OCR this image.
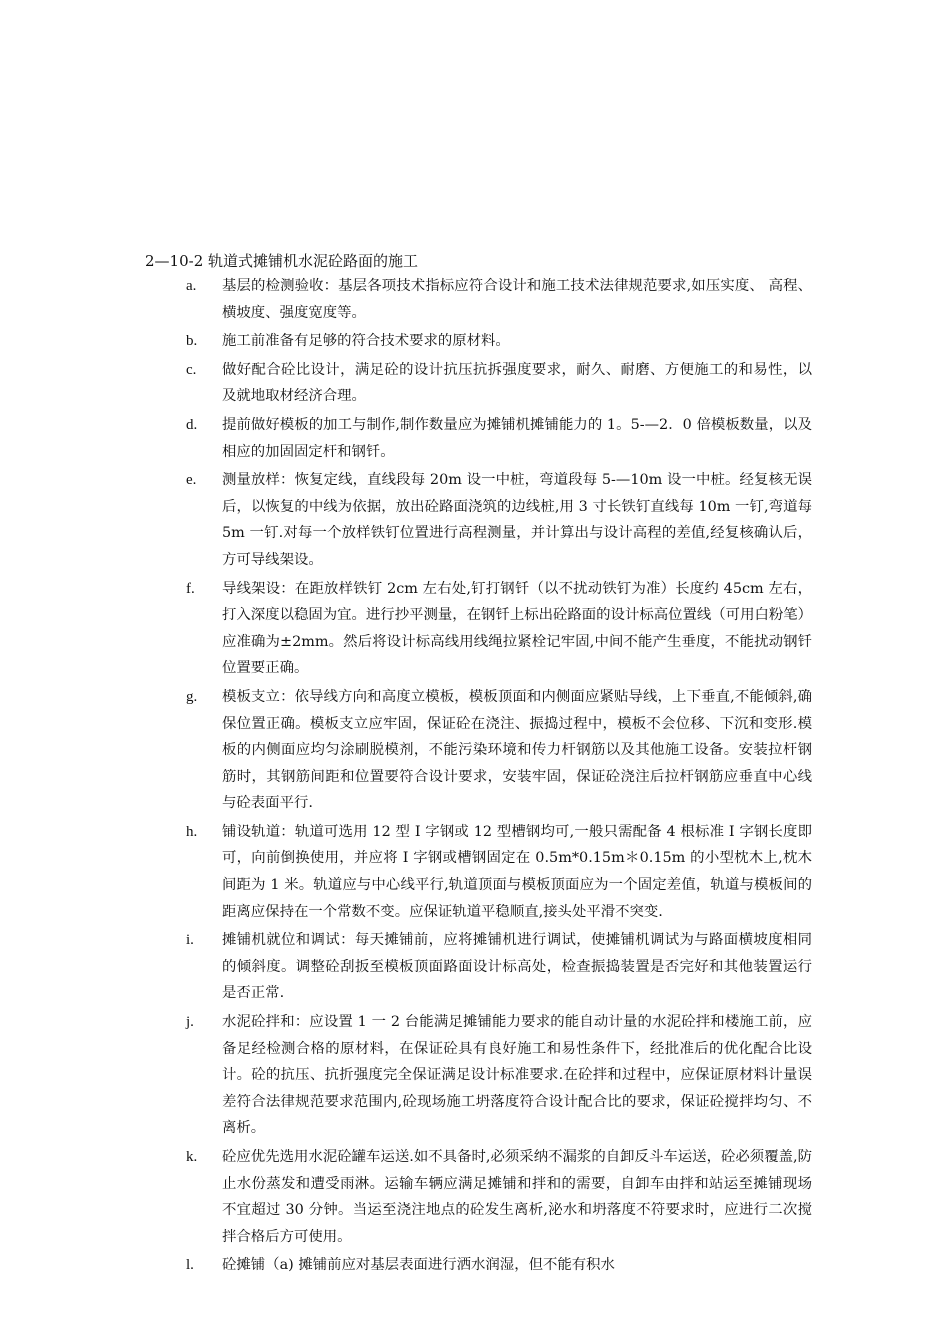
2—10-2 轨道式摊铺机水泥砼路面的施工
a. 基层的检测验收：基层各项技术指标应符合设计和施工技术法律规范要求,如压实度、 高程、横坡度、强度宽度等。
b. 施工前准备有足够的符合技术要求的原材料。
c. 做好配合砼比设计，满足砼的设计抗压抗拆强度要求，耐久、耐磨、方便施工的和易性，以及就地取材经济合理。
d. 提前做好模板的加工与制作,制作数量应为摊铺机摊铺能力的 1。5-—2．0 倍模板数量，以及相应的加固固定杆和钢钎。
e. 测量放样：恢复定线，直线段每 20m 设一中桩，弯道段每 5-—10m 设一中桩。经复核无误后，以恢复的中线为依据，放出砼路面浇筑的边线桩,用 3 寸长铁钉直线每 10m 一钉,弯道每 5m 一钉.对每一个放样铁钉位置进行高程测量，并计算出与设计高程的差值,经复核确认后，方可导线架设。
f. 导线架设：在距放样铁钉 2cm 左右处,钉打钢钎（以不扰动铁钉为准）长度约 45cm 左右，打入深度以稳固为宜。进行抄平测量，在钢钎上标出砼路面的设计标高位置线（可用白粉笔）应准确为±2mm。然后将设计标高线用线绳拉紧栓记牢固,中间不能产生垂度，不能扰动钢钎位置要正确。
g. 模板支立：依导线方向和高度立模板，模板顶面和内侧面应紧贴导线，上下垂直,不能倾斜,确保位置正确。模板支立应牢固，保证砼在浇注、振捣过程中，模板不会位移、下沉和变形.模板的内侧面应均匀涂刷脱模剂，不能污染环境和传力杆钢筋以及其他施工设备。安装拉杆钢筋时，其钢筋间距和位置要符合设计要求，安装牢固，保证砼浇注后拉杆钢筋应垂直中心线与砼表面平行.
h. 铺设轨道：轨道可选用 12 型 I 字钢或 12 型槽钢均可,一般只需配备 4 根标准 I 字钢长度即可，向前倒换使用，并应将 I 字钢或槽钢固定在 0.5m*0.15m＊0.15m 的小型枕木上,枕木间距为 1 米。轨道应与中心线平行,轨道顶面与模板顶面应为一个固定差值，轨道与模板间的距离应保持在一个常数不变。应保证轨道平稳顺直,接头处平滑不突变.
i. 摊铺机就位和调试：每天摊铺前，应将摊铺机进行调试，使摊铺机调试为与路面横坡度相同的倾斜度。调整砼刮扳至模板顶面路面设计标高处，检查振捣装置是否完好和其他装置运行是否正常.
j. 水泥砼拌和：应设置 1 一 2 台能满足摊铺能力要求的能自动计量的水泥砼拌和楼施工前，应备足经检测合格的原材料，在保证砼具有良好施工和易性条件下，经批准后的优化配合比设计。砼的抗压、抗折强度完全保证满足设计标准要求.在砼拌和过程中，应保证原材料计量误差符合法律规范要求范围内,砼现场施工坍落度符合设计配合比的要求，保证砼搅拌均匀、不离析。
k. 砼应优先选用水泥砼罐车运送.如不具备时,必须采纳不漏浆的自卸反斗车运送，砼必须覆盖,防止水份蒸发和遭受雨淋。运输车辆应满足摊铺和拌和的需要，自卸车由拌和站运至摊铺现场不宜超过 30 分钟。当运至浇注地点的砼发生离析,泌水和坍落度不符要求时，应进行二次搅拌合格后方可使用。
l. 砼摊铺（a) 摊铺前应对基层表面进行洒水润湿，但不能有积水
